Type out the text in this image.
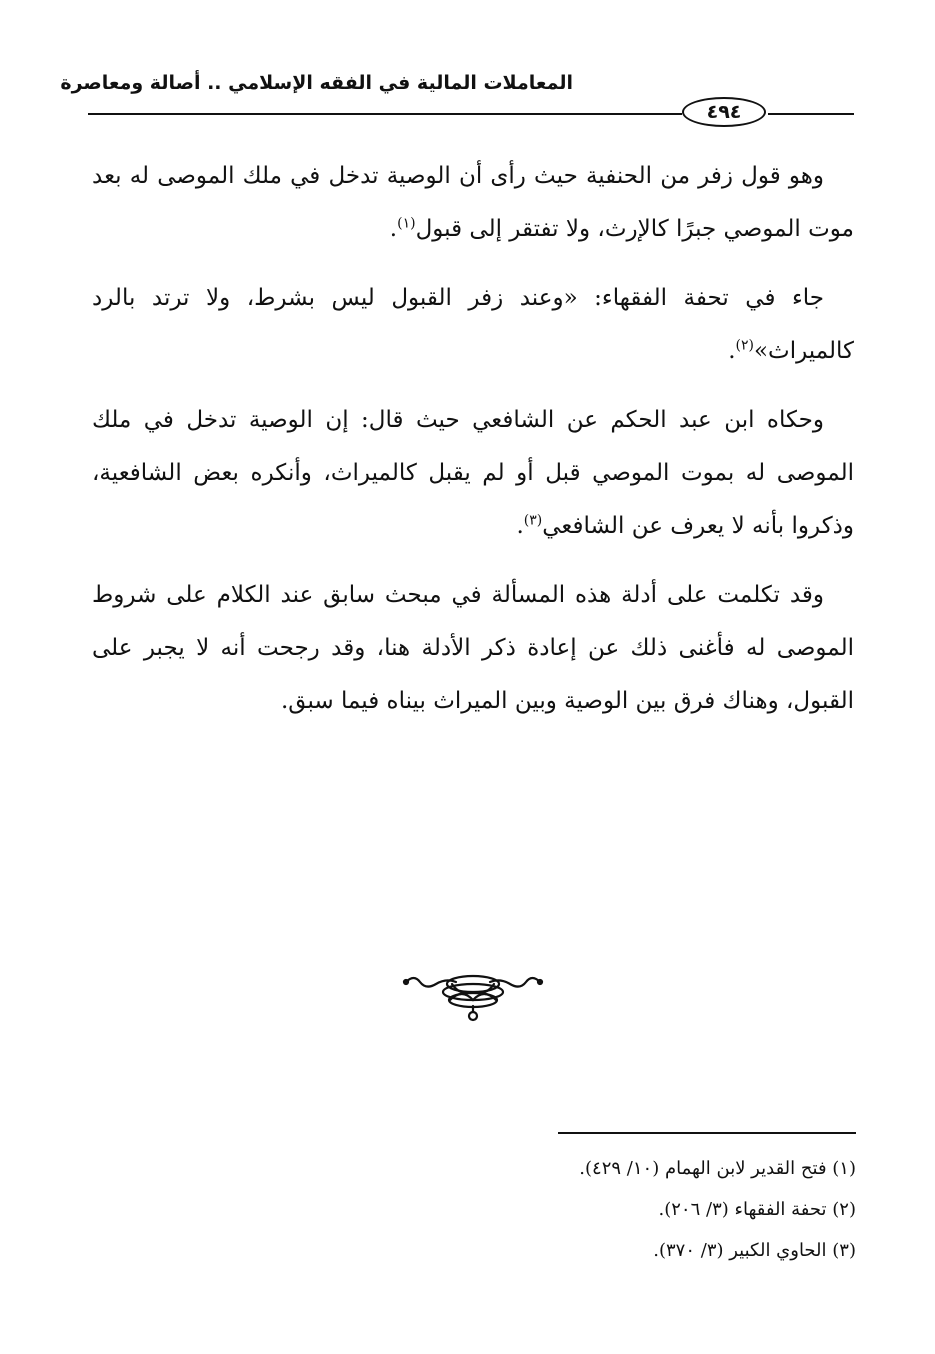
المعاملات المالية في الفقه الإسلامي .. أصالة ومعاصرة
٤٩٤

وهو قول زفر من الحنفية حيث رأى أن الوصية تدخل في ملك الموصى له بعد موت الموصي جبرًا كالإرث، ولا تفتقر إلى قبول$^{(١)}$.

جاء في تحفة الفقهاء: «وعند زفر القبول ليس بشرط، ولا ترتد بالرد كالميراث»$^{(٢)}$.

وحكاه ابن عبد الحكم عن الشافعي حيث قال: إن الوصية تدخل في ملك الموصى له بموت الموصي قبل أو لم يقبل كالميراث، وأنكره بعض الشافعية، وذكروا بأنه لا يعرف عن الشافعي$^{(٣)}$.

وقد تكلمت على أدلة هذه المسألة في مبحث سابق عند الكلام على شروط الموصى له فأغنى ذلك عن إعادة ذكر الأدلة هنا، وقد رجحت أنه لا يجبر على القبول، وهناك فرق بين الوصية وبين الميراث بيناه فيما سبق.

(١) فتح القدير لابن الهمام (١٠/ ٤٢٩).
(٢) تحفة الفقهاء (٣/ ٢٠٦).
(٣) الحاوي الكبير (٣/ ٣٧٠).
